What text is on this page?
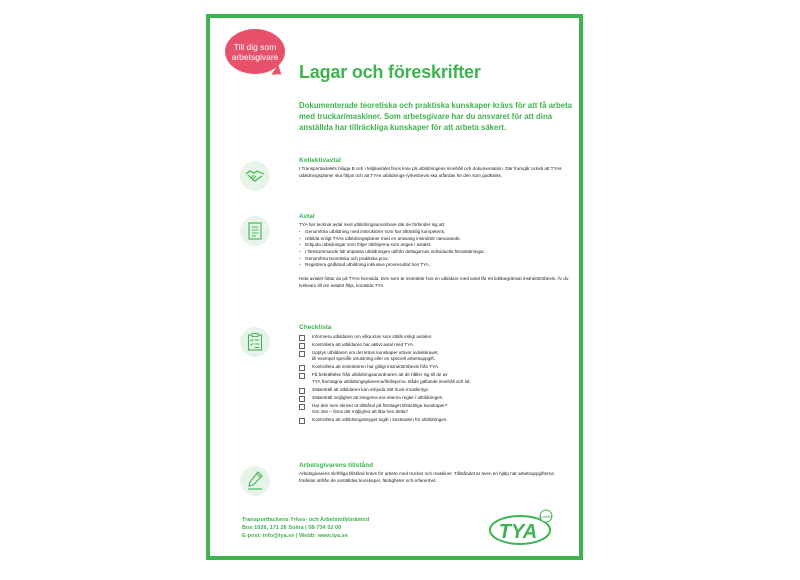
Till dig som
arbetsgivare
Lagar och föreskrifter
Dokumenterade teoretiska och praktiska kunskaper krävs för att få arbeta med truckar/maskiner. Som arbetsgivare har du ansvaret för att dina anställda har tillräckliga kunskaper för att arbeta säkert.
Kollektivavtal
I Transportavtalets bilaga B och i Miljöavtalet finns krav på utbildningens innehåll och dokumentation. Där framgår också att TYAs utbildningsplaner ska följas och att TYAs utbildnings-/yrkesbevis ska utfärdas för den som godkänts.
Avtal
TYA har tecknat avtal med utbildningsanordnare där de förbinder sig att:
• Genomföra utbildning med instruktörer som har tillräcklig kompetens.
• Utbilda enligt TYAs utbildningsplaner med en ansvarig instruktör närvarande.
• Erbjuda utbildningar som följer riktlinjerna som anges i avtalet.
• I förekommande fall anpassa utbildningen utifrån deltagarnas individuella förutsättningar.
• Genomföra teoretiska och praktiska prov.
• Registrera godkänd utbildning inklusive provresultat hos TYA.
Hela avtalet hittar du på TYAs hemsida. Den som är instruktör hos en utbildare med avtal får ett tidsbegränsat instruktörsbevis. Är du tveksam till om avtalet följs, kontakta TYA.
Checklista
Informera utbildaren om vilka krav som ställs enligt avtalen.
Kontrollera att utbildaren har aktivt avtal med TYA.
Upplys utbildaren om det krävs kunskaper utöver avtalskravet,
till exempel specifik utrustning eller en speciell arbetsuppgift.
Kontrollera att instruktören har giltigt instruktörsbevis från TYA.
Få bekräftelse från utbildningsanordnaren att de håller sig till de av
TYA framtagna utbildningsplanerna/riktlinjerna. Både gällande innehåll och tid.
Säkerställ att utbildaren kan erbjuda rätt truck-/maskintyp.
Säkerställ möjlighet att integrera era interna regler i utbildningen.
Har den som skriver ut tillstånd på företaget tillräckliga kunskaper?
Om inte – finns det möjlighet att låta hen delta?
Kontrollera att utbildningsintyget ingår i kostnaden för utbildningen.
Arbetsgivarens tillstånd
Arbetsgivarens skriftliga tillstånd krävs för arbete med truckar och maskiner. Tillståndet är även en hjälp när arbetsuppgifterna fördelas utifrån de anställdas kunskaper, färdigheter och erfarenhet.
Transportfackens Yrkes- och Arbetsmiljönämnd
Box 1026, 171 26 Solna | 08-734 52 00
E-post: info@tya.se | Webb: www.tya.se	TYA
Kvalitet
